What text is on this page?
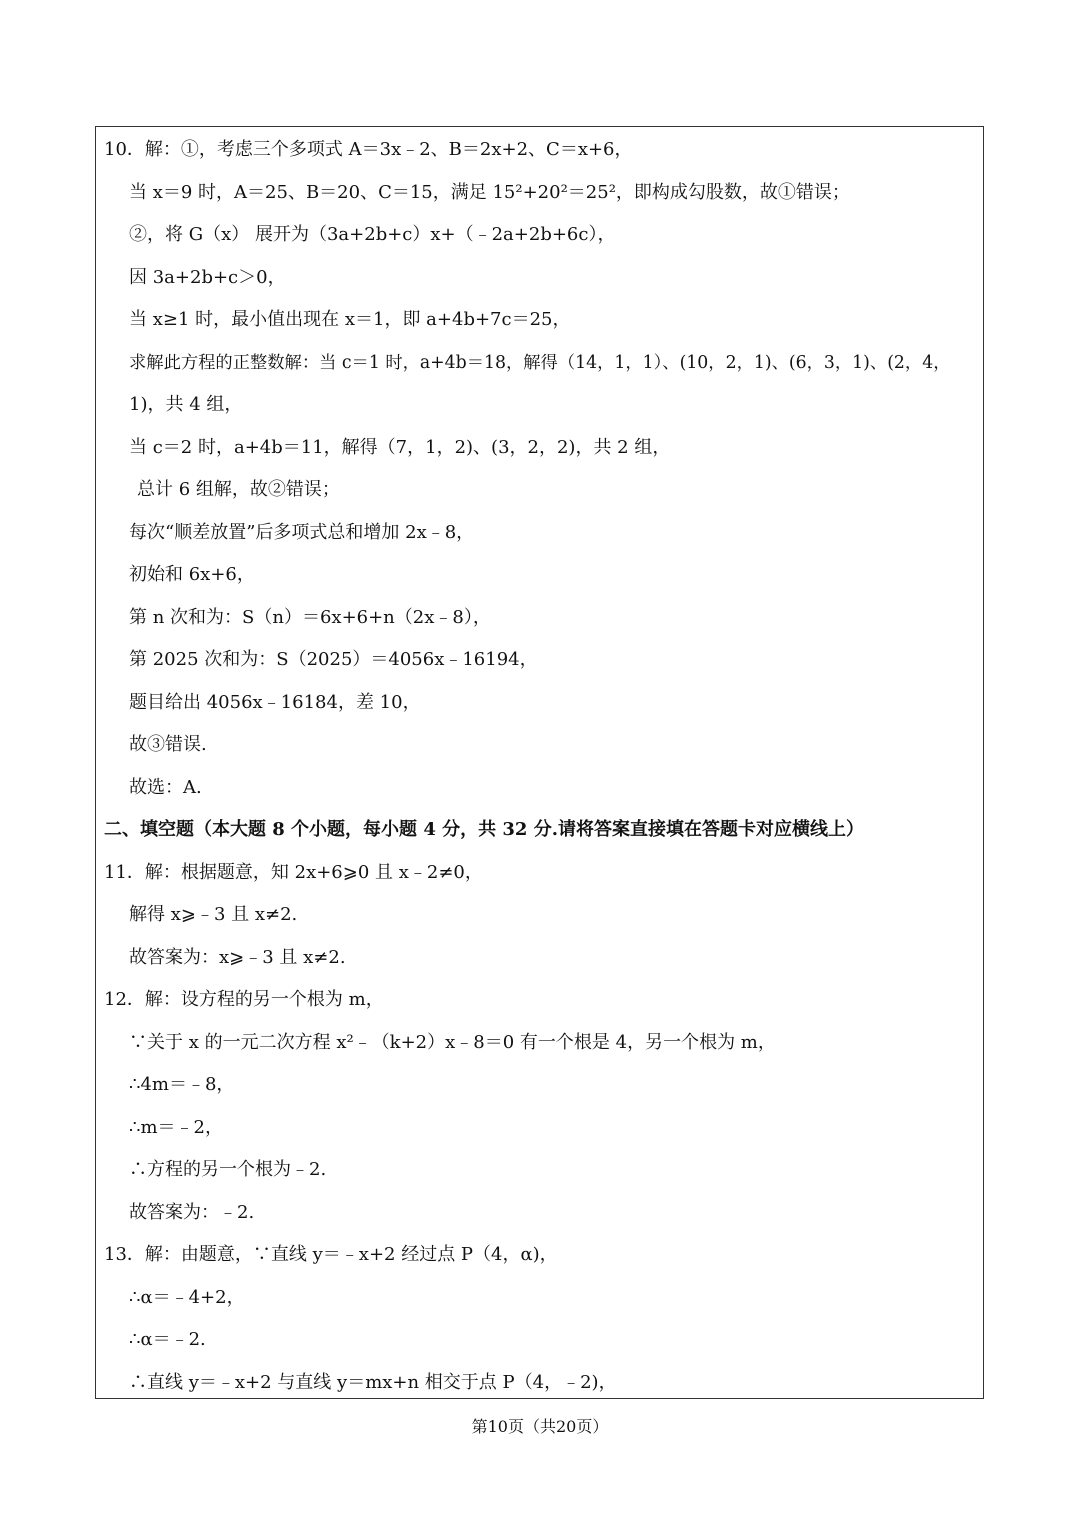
10．解：①，考虑三个多项式 A＝3x﹣2、B＝2x+2、C＝x+6，
当 x＝9 时，A＝25、B＝20、C＝15，满足 15²+20²＝25²，即构成勾股数，故①错误；
②，将 G（x） 展开为（3a+2b+c）x+（﹣2a+2b+6c），
因 3a+2b+c＞0，
当 x≥1 时，最小值出现在 x＝1，即 a+4b+7c＝25，
求解此方程的正整数解：当 c＝1 时，a+4b＝18，解得（14，1，1）、(10，2，1)、(6，3，1)、(2，4，
1)，共 4 组，
当 c＝2 时，a+4b＝11，解得（7，1，2)、(3，2，2)，共 2 组，
总计 6 组解，故②错误；
每次“顺差放置”后多项式总和增加 2x﹣8，
初始和 6x+6，
第 n 次和为：S（n）＝6x+6+n（2x﹣8），
第 2025 次和为：S（2025）＝4056x﹣16194，
题目给出 4056x﹣16184，差 10，
故③错误.
故选：A.
二、填空题（本大题 8 个小题，每小题 4 分，共 32 分.请将答案直接填在答题卡对应横线上）
11．解：根据题意，知 2x+6⩾0 且 x﹣2≠0，
解得 x⩾﹣3 且 x≠2.
故答案为：x⩾﹣3 且 x≠2.
12．解：设方程的另一个根为 m，
∵关于 x 的一元二次方程 x²﹣（k+2）x﹣8＝0 有一个根是 4，另一个根为 m，
∴4m＝﹣8，
∴m＝﹣2，
∴方程的另一个根为﹣2.
故答案为：﹣2.
13．解：由题意，∵直线 y＝﹣x+2 经过点 P（4，α)，
∴α＝﹣4+2，
∴α＝﹣2.
∴直线 y＝﹣x+2 与直线 y＝mx+n 相交于点 P（4，﹣2)，
第10页（共20页）
